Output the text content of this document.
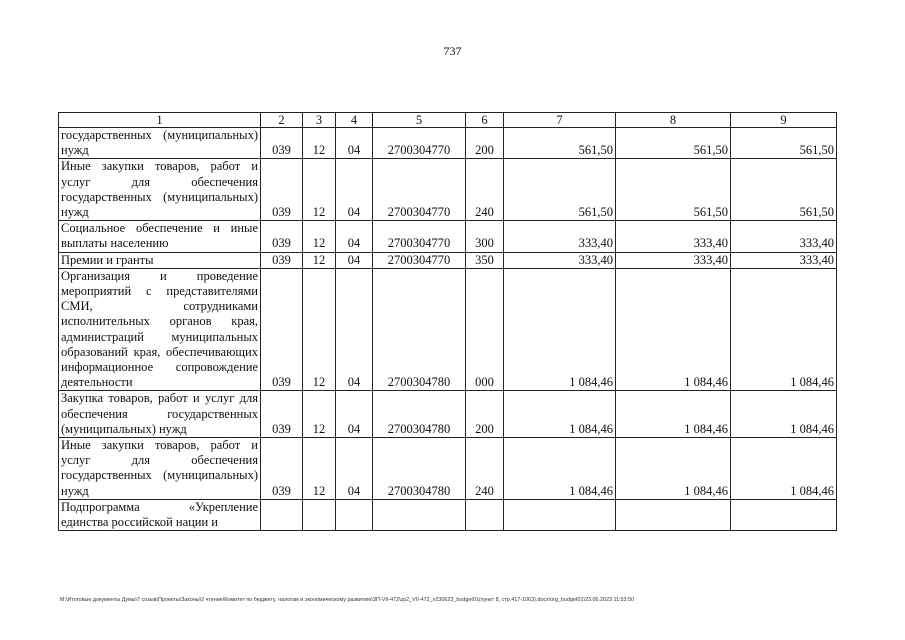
737
1	2	3	4	5	6	7	8	9
государственных (муниципальных) нужд	039	12	04	2700304770	200	561,50	561,50	561,50
Иные закупки товаров, работ и услуг для обеспечения государственных (муниципальных) нужд	039	12	04	2700304770	240	561,50	561,50	561,50
Социальное обеспечение и иные выплаты населению	039	12	04	2700304770	300	333,40	333,40	333,40
Премии и гранты	039	12	04	2700304770	350	333,40	333,40	333,40
Организация и проведение мероприятий с представителями СМИ, сотрудниками исполнительных органов края, администраций муниципальных образований края, обеспечивающих информационное сопровождение деятельности	039	12	04	2700304780	000	1 084,46	1 084,46	1 084,46
Закупка товаров, работ и услуг для обеспечения государственных (муниципальных) нужд	039	12	04	2700304780	200	1 084,46	1 084,46	1 084,46
Иные закупки товаров, работ и услуг для обеспечения государственных (муниципальных) нужд	039	12	04	2700304780	240	1 084,46	1 084,46	1 084,46
Подпрограмма «Укрепление единства российской нации и								
M:\Итоговые документы Думы\7 созыв\Проекты\Законы\2 чтение\Комитет по бюджету, налогам и экономическому развитию\ЗП-VII-472\zp2_VII-472_v230623_budget01(пункт 8, стр.417-1063).docx\org_budget01\23.06.2023 11:53:50
